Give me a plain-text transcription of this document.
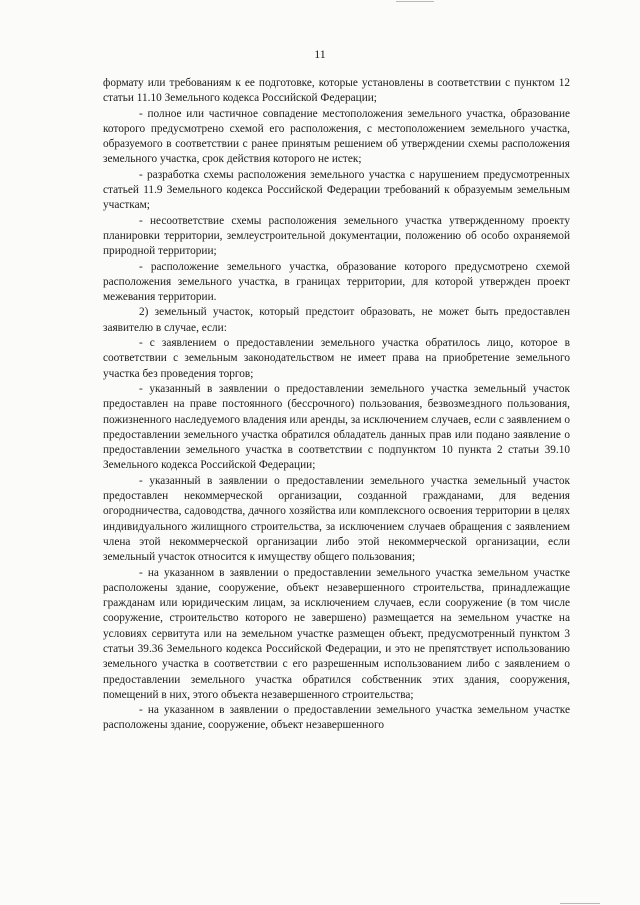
11

формату или требованиям к ее подготовке, которые установлены в соответствии с пунктом 12 статьи 11.10 Земельного кодекса Российской Федерации;

- полное или частичное совпадение местоположения земельного участка, образование которого предусмотрено схемой его расположения, с местоположением земельного участка, образуемого в соответствии с ранее принятым решением об утверждении схемы расположения земельного участка, срок действия которого не истек;

- разработка схемы расположения земельного участка с нарушением предусмотренных статьей 11.9 Земельного кодекса Российской Федерации требований к образуемым земельным участкам;

- несоответствие схемы расположения земельного участка утвержденному проекту планировки территории, землеустроительной документации, положению об особо охраняемой природной территории;

- расположение земельного участка, образование которого предусмотрено схемой расположения земельного участка, в границах территории, для которой утвержден проект межевания территории.

2) земельный участок, который предстоит образовать, не может быть предоставлен заявителю в случае, если:

- с заявлением о предоставлении земельного участка обратилось лицо, которое в соответствии с земельным законодательством не имеет права на приобретение земельного участка без проведения торгов;

- указанный в заявлении о предоставлении земельного участка земельный участок предоставлен на праве постоянного (бессрочного) пользования, безвозмездного пользования, пожизненного наследуемого владения или аренды, за исключением случаев, если с заявлением о предоставлении земельного участка обратился обладатель данных прав или подано заявление о предоставлении земельного участка в соответствии с подпунктом 10 пункта 2 статьи 39.10 Земельного кодекса Российской Федерации;

- указанный в заявлении о предоставлении земельного участка земельный участок предоставлен некоммерческой организации, созданной гражданами, для ведения огородничества, садоводства, дачного хозяйства или комплексного освоения территории в целях индивидуального жилищного строительства, за исключением случаев обращения с заявлением члена этой некоммерческой организации либо этой некоммерческой организации, если земельный участок относится к имуществу общего пользования;

- на указанном в заявлении о предоставлении земельного участка земельном участке расположены здание, сооружение, объект незавершенного строительства, принадлежащие гражданам или юридическим лицам, за исключением случаев, если сооружение (в том числе сооружение, строительство которого не завершено) размещается на земельном участке на условиях сервитута или на земельном участке размещен объект, предусмотренный пунктом 3 статьи 39.36 Земельного кодекса Российской Федерации, и это не препятствует использованию земельного участка в соответствии с его разрешенным использованием либо с заявлением о предоставлении земельного участка обратился собственник этих здания, сооружения, помещений в них, этого объекта незавершенного строительства;

- на указанном в заявлении о предоставлении земельного участка земельном участке расположены здание, сооружение, объект незавершенного
